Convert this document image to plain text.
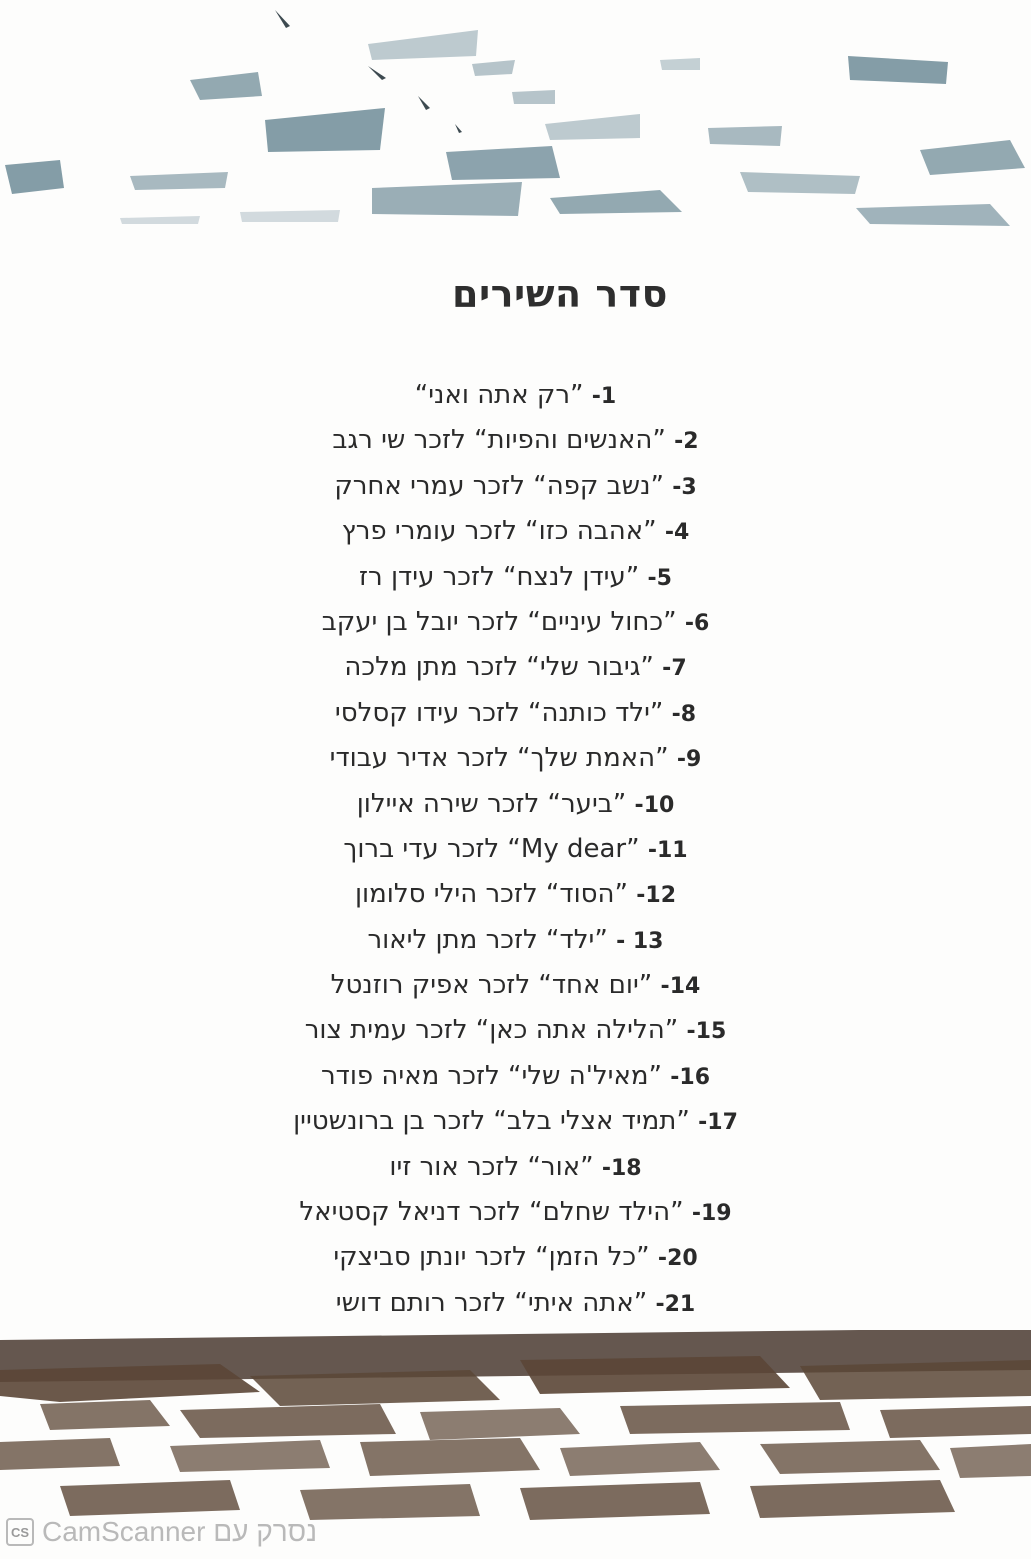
סדר השירים
1- ”רק אתה ואני“
2- ”האנשים והפיות“ לזכר שי רגב
3- ”נשב קפה“ לזכר עמרי אחרק
4- ”אהבה כזו“ לזכר עומרי פרץ
5- ”עידן לנצח“ לזכר עידן רז
6- ”כחול עיניים“ לזכר יובל בן יעקב
7- ”גיבור שלי“ לזכר מתן מלכה
8- ”ילד כותנה“ לזכר עידו קסלסי
9- ”האמת שלך“ לזכר אדיר עבודי
10- ”ביער“ לזכר שירה איילון
11- ”My dear“ לזכר עדי ברוך
12- ”הסוד“ לזכר הילי סלומון
13 - ”ילד“ לזכר מתן ליאור
14- ”יום אחד“ לזכר אפיק רוזנטל
15- ”הלילה אתה כאן“ לזכר עמית צור
16- ”מאיל'ה שלי“ לזכר מאיה פודר
17- ”תמיד אצלי בלב“ לזכר בן ברונשטיין
18- ”אור“ לזכר אור זיו
19- ”הילד שחלם“ לזכר דניאל קסטיאל
20- ”כל הזמן“ לזכר יונתן סביצקי
21- ”אתה איתי“ לזכר רותם דושי
CS CamScanner נסרק עם
